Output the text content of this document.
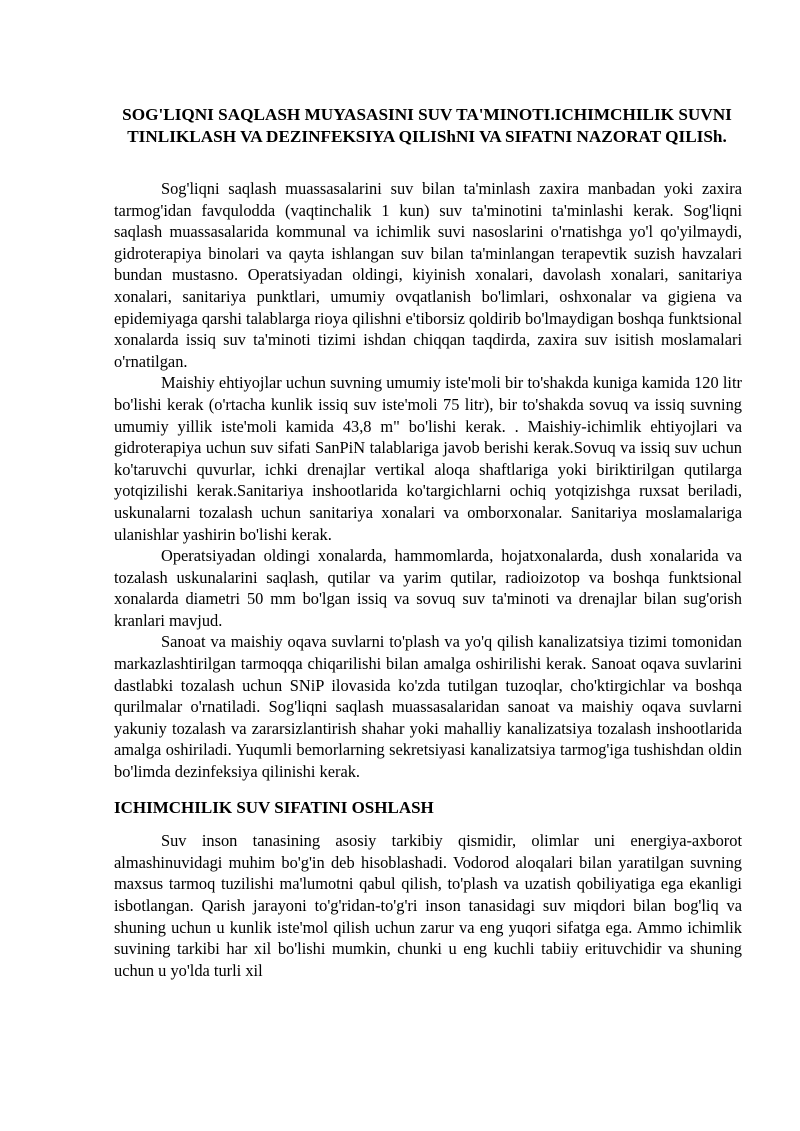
SOG'LIQNI SAQLASH MUYASASINI SUV TA'MINOTI.ICHIMCHILIK SUVNI TINLIKLASH VA DEZINFEKSIYA QILIShNI VA SIFATNI NAZORAT QILISh.

Sog'liqni saqlash muassasalarini suv bilan ta'minlash zaxira manbadan yoki zaxira tarmog'idan favqulodda (vaqtinchalik 1 kun) suv ta'minotini ta'minlashi kerak. Sog'liqni saqlash muassasalarida kommunal va ichimlik suvi nasoslarini o'rnatishga yo'l qo'yilmaydi, gidroterapiya binolari va qayta ishlangan suv bilan ta'minlangan terapevtik suzish havzalari bundan mustasno. Operatsiyadan oldingi, kiyinish xonalari, davolash xonalari, sanitariya xonalari, sanitariya punktlari, umumiy ovqatlanish bo'limlari, oshxonalar va gigiena va epidemiyaga qarshi talablarga rioya qilishni e'tiborsiz qoldirib bo'lmaydigan boshqa funktsional xonalarda issiq suv ta'minoti tizimi ishdan chiqqan taqdirda, zaxira suv isitish moslamalari o'rnatilgan.

Maishiy ehtiyojlar uchun suvning umumiy iste'moli bir to'shakda kuniga kamida 120 litr bo'lishi kerak (o'rtacha kunlik issiq suv iste'moli 75 litr), bir to'shakda sovuq va issiq suvning umumiy yillik iste'moli kamida 43,8 m" bo'lishi kerak. . Maishiy-ichimlik ehtiyojlari va gidroterapiya uchun suv sifati SanPiN talablariga javob berishi kerak.Sovuq va issiq suv uchun ko'taruvchi quvurlar, ichki drenajlar vertikal aloqa shaftlariga yoki biriktirilgan qutilarga yotqizilishi kerak.Sanitariya inshootlarida ko'targichlarni ochiq yotqizishga ruxsat beriladi, uskunalarni tozalash uchun sanitariya xonalari va omborxonalar. Sanitariya moslamalariga ulanishlar yashirin bo'lishi kerak.

Operatsiyadan oldingi xonalarda, hammomlarda, hojatxonalarda, dush xonalarida va tozalash uskunalarini saqlash, qutilar va yarim qutilar, radioizotop va boshqa funktsional xonalarda diametri 50 mm bo'lgan issiq va sovuq suv ta'minoti va drenajlar bilan sug'orish kranlari mavjud.

Sanoat va maishiy oqava suvlarni to'plash va yo'q qilish kanalizatsiya tizimi tomonidan markazlashtirilgan tarmoqqa chiqarilishi bilan amalga oshirilishi kerak. Sanoat oqava suvlarini dastlabki tozalash uchun SNiP ilovasida ko'zda tutilgan tuzoqlar, cho'ktirgichlar va boshqa qurilmalar o'rnatiladi. Sog'liqni saqlash muassasalaridan sanoat va maishiy oqava suvlarni yakuniy tozalash va zararsizlantirish shahar yoki mahalliy kanalizatsiya tozalash inshootlarida amalga oshiriladi. Yuqumli bemorlarning sekretsiyasi kanalizatsiya tarmog'iga tushishdan oldin bo'limda dezinfeksiya qilinishi kerak.

ICHIMCHILIK SUV SIFATINI OSHLASH

Suv inson tanasining asosiy tarkibiy qismidir, olimlar uni energiya-axborot almashinuvidagi muhim bo'g'in deb hisoblashadi. Vodorod aloqalari bilan yaratilgan suvning maxsus tarmoq tuzilishi ma'lumotni qabul qilish, to'plash va uzatish qobiliyatiga ega ekanligi isbotlangan. Qarish jarayoni to'g'ridan-to'g'ri inson tanasidagi suv miqdori bilan bog'liq va shuning uchun u kunlik iste'mol qilish uchun zarur va eng yuqori sifatga ega. Ammo ichimlik suvining tarkibi har xil bo'lishi mumkin, chunki u eng kuchli tabiiy erituvchidir va shuning uchun u yo'lda turli xil
